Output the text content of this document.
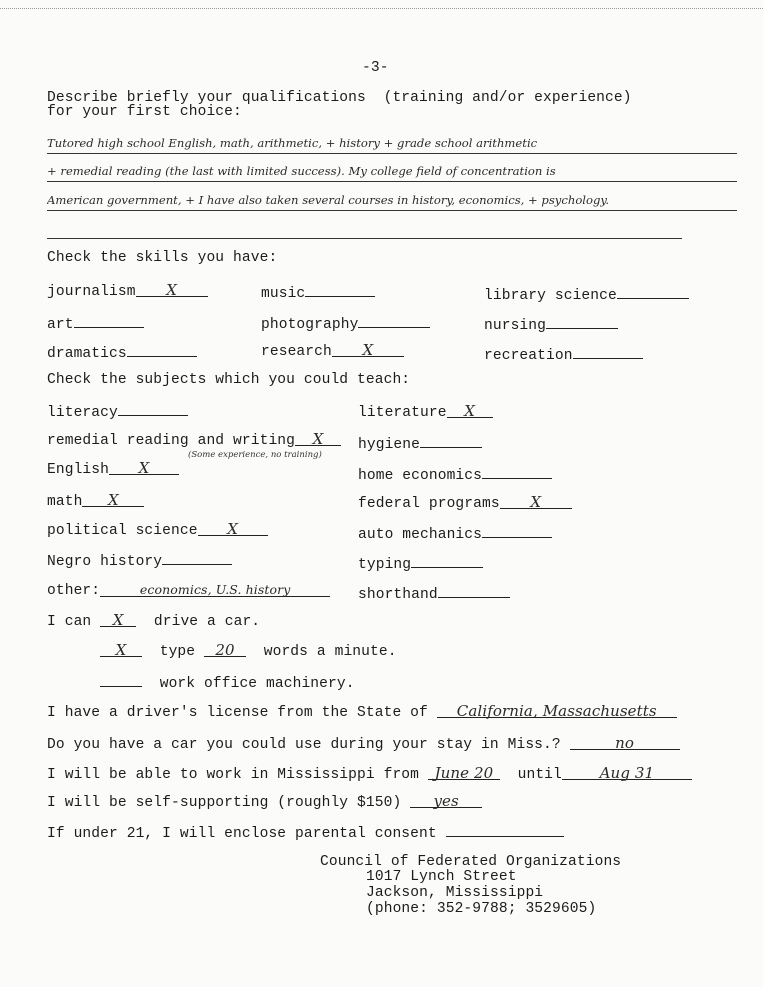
-3-
Describe briefly your qualifications  (training and/or experience)
for your first choice:
Tutored high school English, math, arithmetic, + history + grade school arithmetic
+ remedial reading (the last with limited success). My college field of concentration is
American government, + I have also taken several courses in history, economics, + psychology.
Check the skills you have:
journalism X	music	library science
art	photography	nursing
dramatics	research X	recreation
Check the subjects which you could teach:
literacy
remedial reading and writing X
(Some experience, no training)
English X
math X
political science X
Negro history
other:	economics, U.S. history
literature X
hygiene
home economics
federal programs X
auto mechanics
typing
shorthand
I can X drive a car.
X type 20 words a minute.
work office machinery.
I have a driver's license from the State of California, Massachusetts
Do you have a car you could use during your stay in Miss.?	no
I will be able to work in Mississippi from June 20 until	Aug 31
I will be self-supporting (roughly $150) yes
If under 21, I will enclose parental consent
Council of Federated Organizations
1017 Lynch Street
Jackson, Mississippi
(phone: 352-9788; 3529605)
